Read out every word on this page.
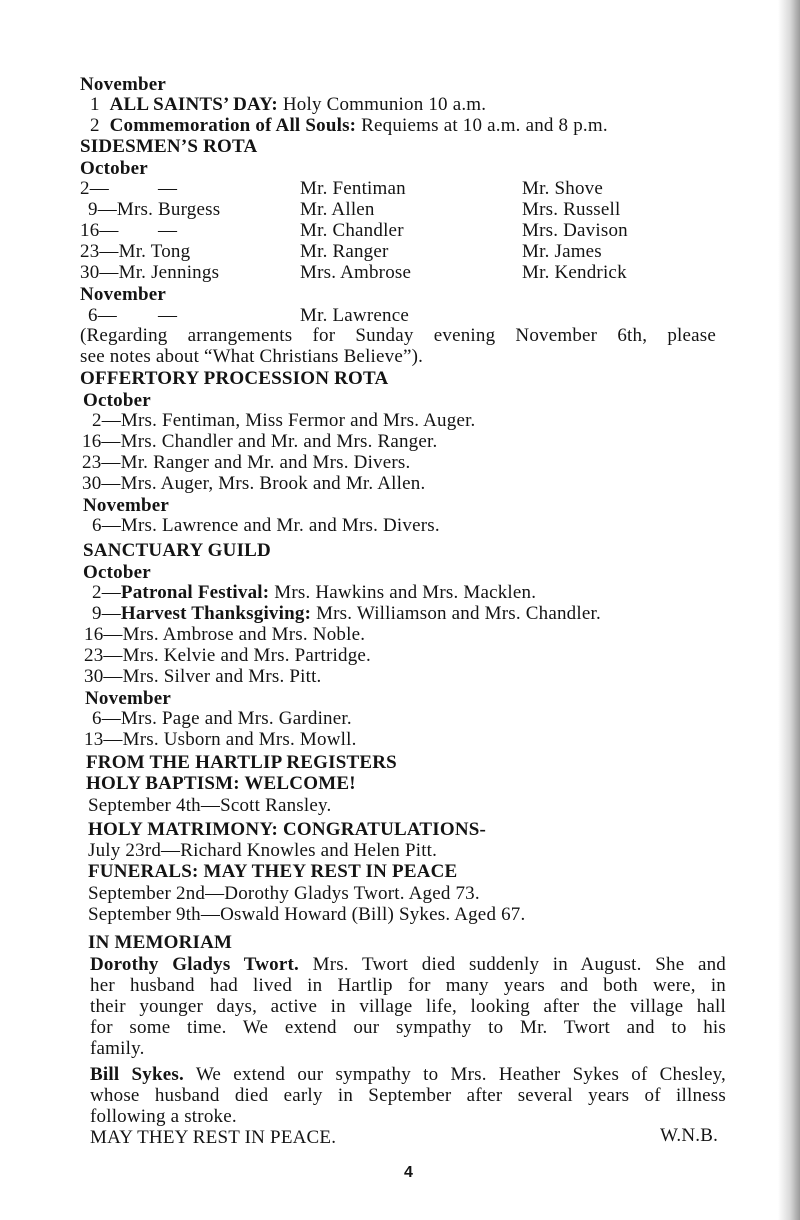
November
1 ALL SAINTS’ DAY: Holy Communion 10 a.m.
2 Commemoration of All Souls: Requiems at 10 a.m. and 8 p.m.
SIDESMEN’S ROTA
October
2—	—	Mr. Fentiman	Mr. Shove
9—Mrs. Burgess	Mr. Allen	Mrs. Russell
16— —	Mr. Chandler	Mrs. Davison
23—Mr. Tong	Mr. Ranger	Mr. James
30—Mr. Jennings	Mrs. Ambrose	Mr. Kendrick
November
6— —	Mr. Lawrence
(Regarding arrangements for Sunday evening November 6th, please
see notes about “What Christians Believe”).
OFFERTORY PROCESSION ROTA
October
2—Mrs. Fentiman, Miss Fermor and Mrs. Auger.
16—Mrs. Chandler and Mr. and Mrs. Ranger.
23—Mr. Ranger and Mr. and Mrs. Divers.
30—Mrs. Auger, Mrs. Brook and Mr. Allen.
November
6—Mrs. Lawrence and Mr. and Mrs. Divers.
SANCTUARY GUILD
October
2—Patronal Festival: Mrs. Hawkins and Mrs. Macklen.
9—Harvest Thanksgiving: Mrs. Williamson and Mrs. Chandler.
16—Mrs. Ambrose and Mrs. Noble.
23—Mrs. Kelvie and Mrs. Partridge.
30—Mrs. Silver and Mrs. Pitt.
November
6—Mrs. Page and Mrs. Gardiner.
13—Mrs. Usborn and Mrs. Mowll.
FROM THE HARTLIP REGISTERS
HOLY BAPTISM: WELCOME!
September 4th—Scott Ransley.
HOLY MATRIMONY: CONGRATULATIONS-
July 23rd—Richard Knowles and Helen Pitt.
FUNERALS: MAY THEY REST IN PEACE
September 2nd—Dorothy Gladys Twort. Aged 73.
September 9th—Oswald Howard (Bill) Sykes. Aged 67.
IN MEMORIAM
Dorothy Gladys Twort. Mrs. Twort died suddenly in August. She and
her husband had lived in Hartlip for many years and both were, in
their younger days, active in village life, looking after the village hall
for some time. We extend our sympathy to Mr. Twort and to his
family.
Bill Sykes. We extend our sympathy to Mrs. Heather Sykes of Chesley,
whose husband died early in September after several years of illness
following a stroke.
MAY THEY REST IN PEACE.	W.N.B.
4
